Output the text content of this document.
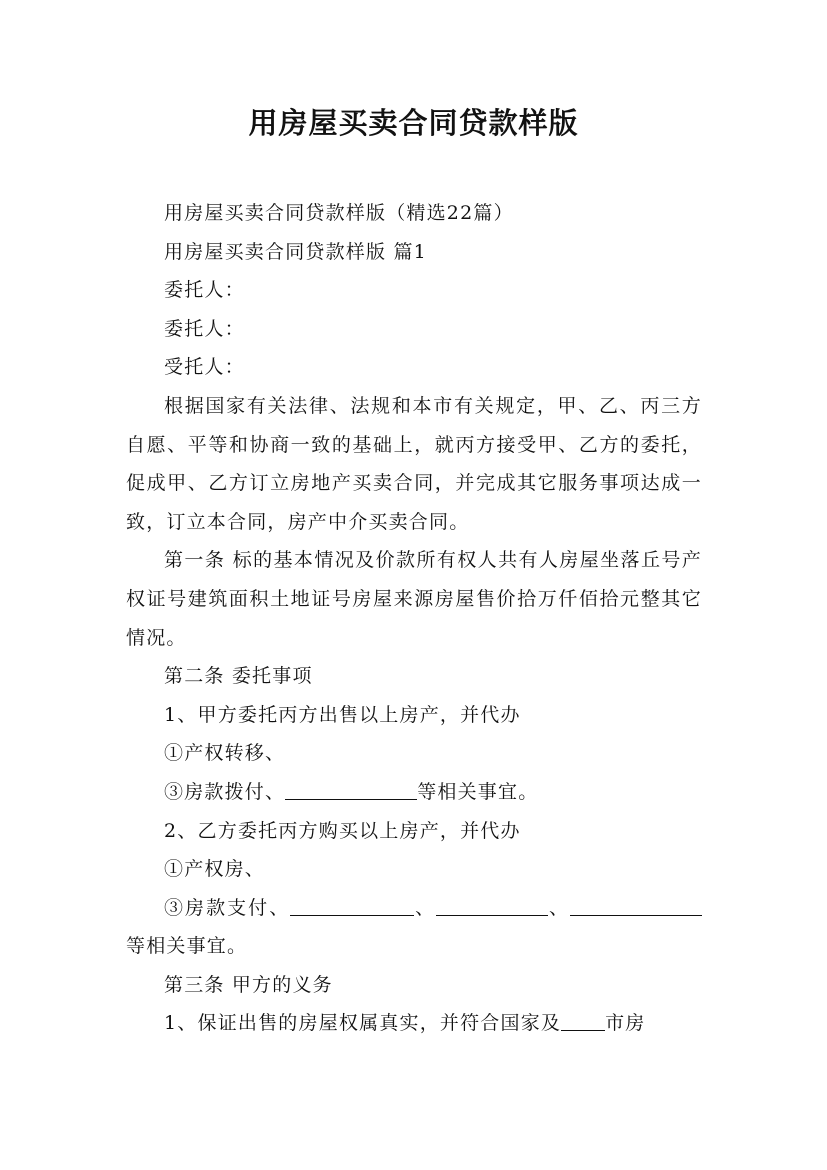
用房屋买卖合同贷款样版

用房屋买卖合同贷款样版（精选22篇）

用房屋买卖合同贷款样版 篇1

委托人：

委托人：

受托人：

根据国家有关法律、法规和本市有关规定，甲、乙、丙三方自愿、平等和协商一致的基础上，就丙方接受甲、乙方的委托，促成甲、乙方订立房地产买卖合同，并完成其它服务事项达成一致，订立本合同，房产中介买卖合同。

第一条 标的基本情况及价款所有权人共有人房屋坐落丘号产权证号建筑面积土地证号房屋来源房屋售价拾万仟佰拾元整其它情况。

第二条 委托事项

1、甲方委托丙方出售以上房产，并代办

①产权转移、

③房款拨付、	等相关事宜。

2、乙方委托丙方购买以上房产，并代办

①产权房、

③房款支付、	、	、等相关事宜。

第三条 甲方的义务

1、保证出售的房屋权属真实，并符合国家及 市房
